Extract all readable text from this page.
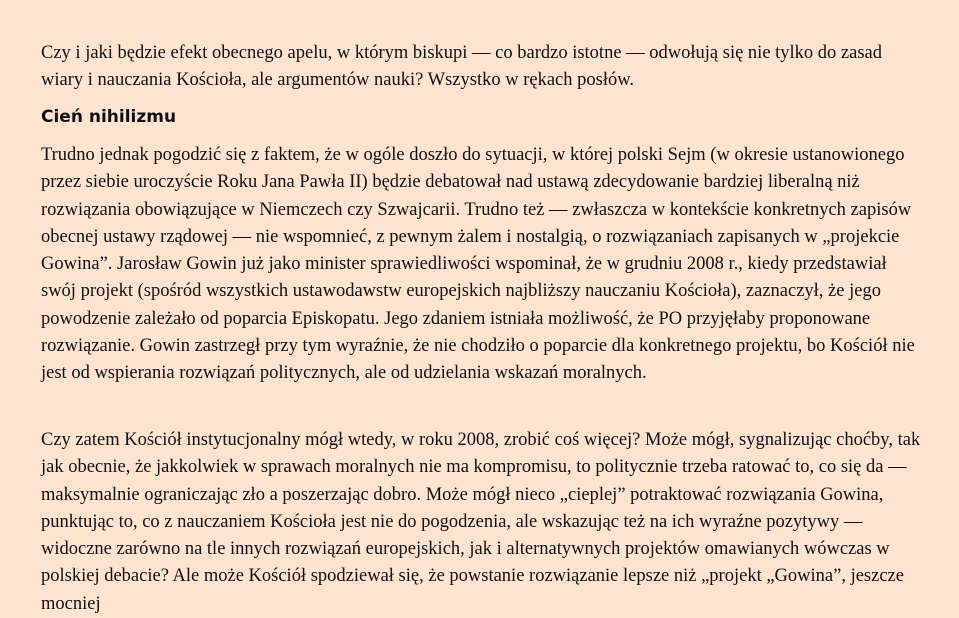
Czy i jaki będzie efekt obecnego apelu, w którym biskupi — co bardzo istotne — odwołują się nie tylko do zasad wiary i nauczania Kościoła, ale argumentów nauki? Wszystko w rękach posłów.

Cień nihilizmu

Trudno jednak pogodzić się z faktem, że w ogóle doszło do sytuacji, w której polski Sejm (w okresie ustanowionego przez siebie uroczyście Roku Jana Pawła II) będzie debatował nad ustawą zdecydowanie bardziej liberalną niż rozwiązania obowiązujące w Niemczech czy Szwajcarii. Trudno też — zwłaszcza w kontekście konkretnych zapisów obecnej ustawy rządowej — nie wspomnieć, z pewnym żalem i nostalgią, o rozwiązaniach zapisanych w „projekcie Gowina”. Jarosław Gowin już jako minister sprawiedliwości wspominał, że w grudniu 2008 r., kiedy przedstawiał swój projekt (spośród wszystkich ustawodawstw europejskich najbliższy nauczaniu Kościoła), zaznaczył, że jego powodzenie zależało od poparcia Episkopatu. Jego zdaniem istniała możliwość, że PO przyjęłaby proponowane rozwiązanie. Gowin zastrzegł przy tym wyraźnie, że nie chodziło o poparcie dla konkretnego projektu, bo Kościół nie jest od wspierania rozwiązań politycznych, ale od udzielania wskazań moralnych.

Czy zatem Kościół instytucjonalny mógł wtedy, w roku 2008, zrobić coś więcej? Może mógł, sygnalizując choćby, tak jak obecnie, że jakkolwiek w sprawach moralnych nie ma kompromisu, to politycznie trzeba ratować to, co się da — maksymalnie ograniczając zło a poszerzając dobro. Może mógł nieco „cieplej” potraktować rozwiązania Gowina, punktując to, co z nauczaniem Kościoła jest nie do pogodzenia, ale wskazując też na ich wyraźne pozytywy — widoczne zarówno na tle innych rozwiązań europejskich, jak i alternatywnych projektów omawianych wówczas w polskiej debacie? Ale może Kościół spodziewał się, że powstanie rozwiązanie lepsze niż „projekt „Gowina”, jeszcze mocniej
